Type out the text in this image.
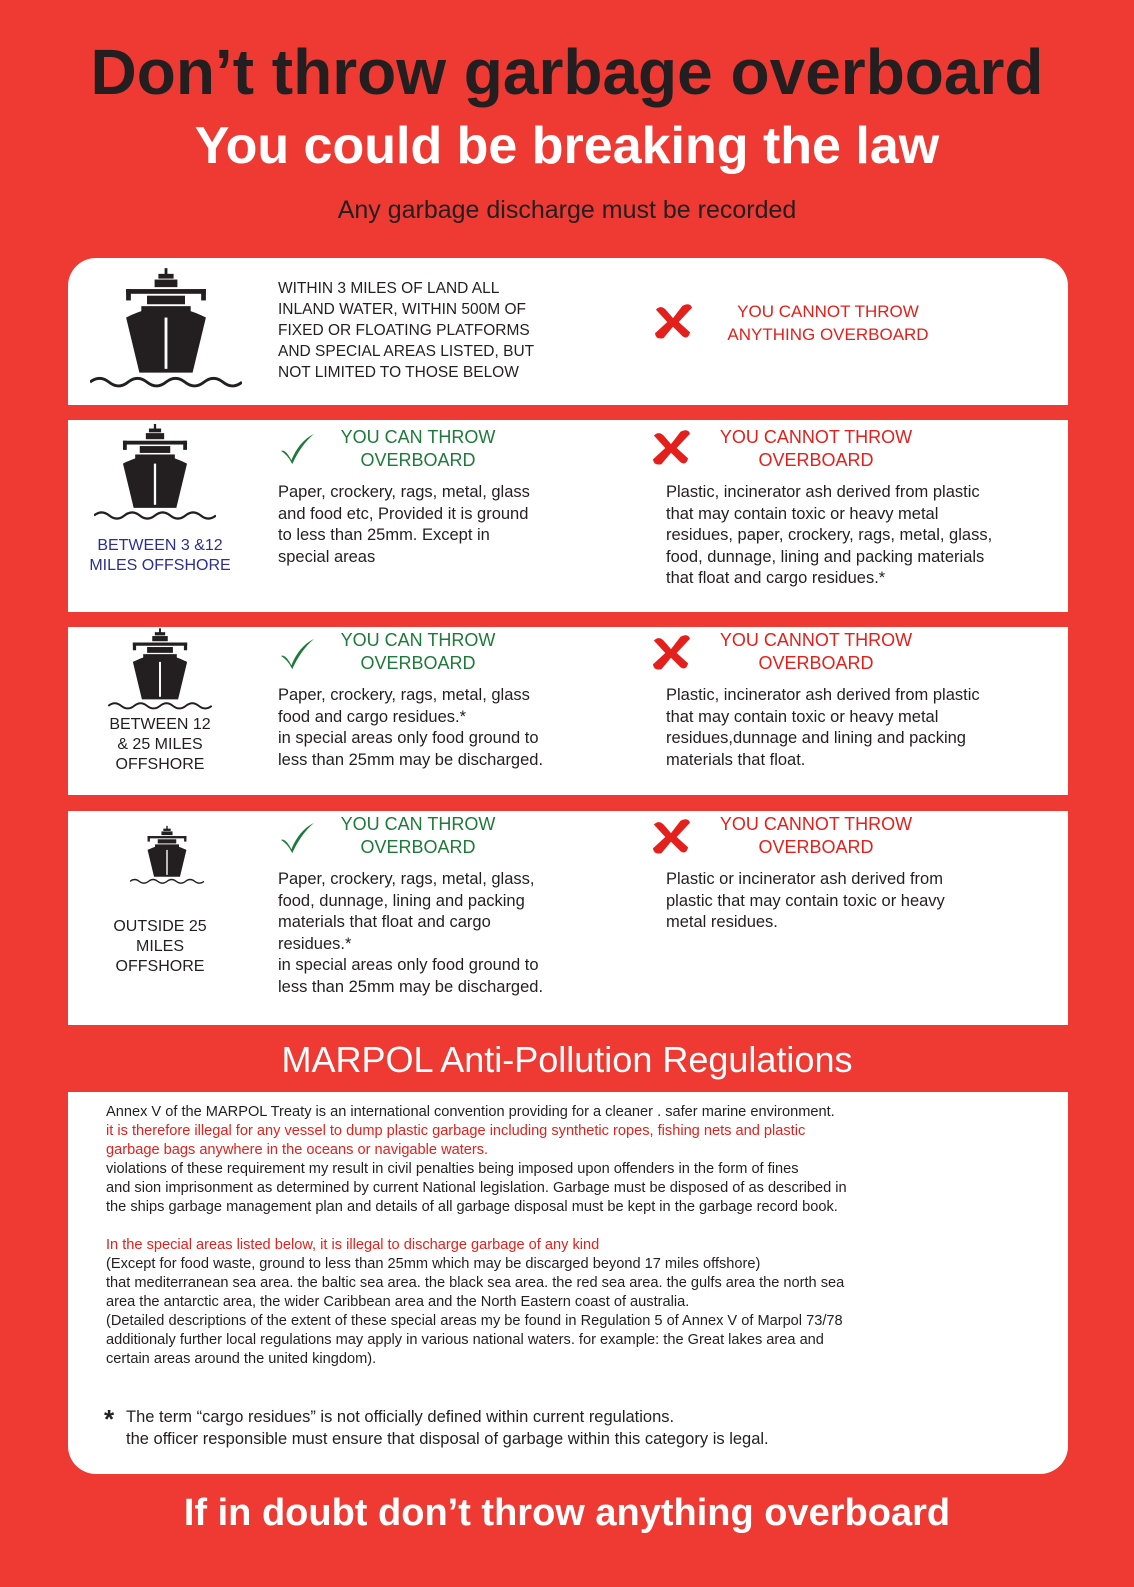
Don’t throw garbage overboard
You could be breaking the law
Any garbage discharge must be recorded
WITHIN 3 MILES OF LAND ALL
INLAND WATER, WITHIN 500M OF
FIXED OR FLOATING PLATFORMS
AND SPECIAL AREAS LISTED, BUT
NOT LIMITED TO THOSE BELOW
YOU CANNOT THROW
ANYTHING OVERBOARD
BETWEEN 3 &12
MILES OFFSHORE
YOU CAN THROW
OVERBOARD
Paper, crockery, rags, metal, glass
and food etc, Provided it is ground
to less than 25mm. Except in
special areas
YOU CANNOT THROW
OVERBOARD
Plastic, incinerator ash derived from plastic
that may contain toxic or heavy metal
residues, paper, crockery, rags, metal, glass,
food, dunnage, lining and packing materials
that float and cargo residues.*
BETWEEN 12
& 25 MILES
OFFSHORE
YOU CAN THROW
OVERBOARD
Paper, crockery, rags, metal, glass
food and cargo residues.*
in special areas only food ground to
less than 25mm may be discharged.
YOU CANNOT THROW
OVERBOARD
Plastic, incinerator ash derived from plastic
that may contain toxic or heavy metal
residues,dunnage and lining and packing
materials that float.
OUTSIDE 25
MILES
OFFSHORE
YOU CAN THROW
OVERBOARD
Paper, crockery, rags, metal, glass,
food, dunnage, lining and packing
materials that float and cargo
residues.*
in special areas only food ground to
less than 25mm may be discharged.
YOU CANNOT THROW
OVERBOARD
Plastic or incinerator ash derived from
plastic that may contain toxic or heavy
metal residues.
MARPOL Anti-Pollution Regulations

Annex V of the MARPOL Treaty is an international convention providing for a cleaner . safer marine environment.

it is therefore illegal for any vessel to dump plastic garbage including synthetic ropes, fishing nets and plastic

garbage bags anywhere in the oceans or navigable waters.

violations of these requirement my result in civil penalties being imposed upon offenders in the form of fines

and sion imprisonment as determined by current National legislation. Garbage must be disposed of as described in

the ships garbage management plan and details of all garbage disposal must be kept in the garbage record book.

In the special areas listed below, it is illegal to discharge garbage of any kind

(Except for food waste, ground to less than 25mm which may be discarged beyond 17 miles offshore)

that mediterranean sea area. the baltic sea area. the black sea area. the red sea area. the gulfs area the north sea

area the antarctic area, the wider Caribbean area and the North Eastern coast of australia.

(Detailed descriptions of the extent of these special areas my be found in Regulation 5 of Annex V of Marpol 73/78

additionaly further local regulations may apply in various national waters. for example: the Great lakes area and

certain areas around the united kingdom).

* The term “cargo residues” is not officially defined within current regulations.
the officer responsible must ensure that disposal of garbage within this category is legal.
If in doubt don’t throw anything overboard
